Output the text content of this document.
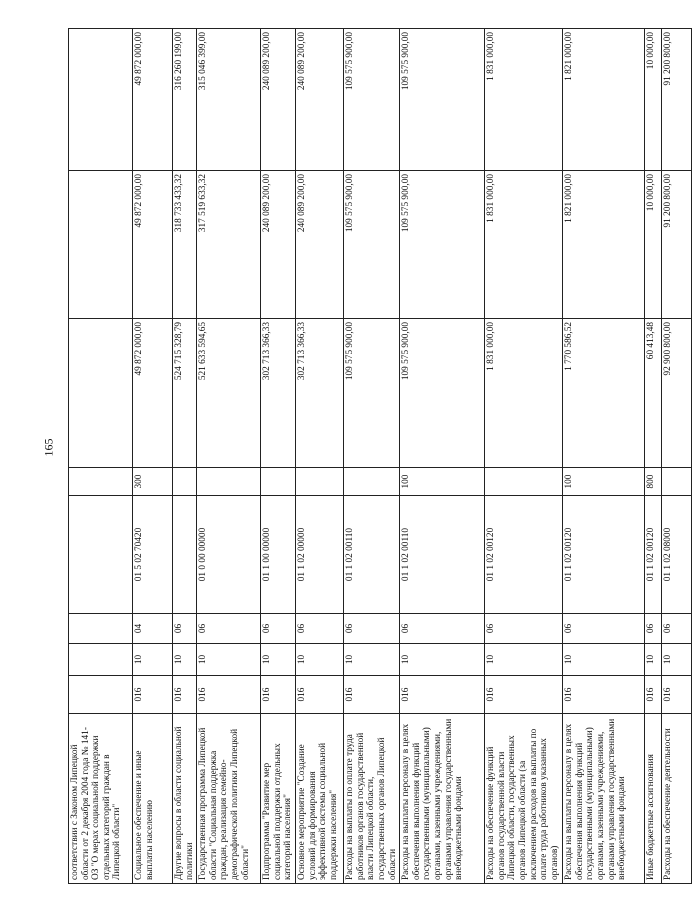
165
соответствии с Законом Липецкой области от 2 декабря 2004 года № 141-ОЗ "О мерах социальной поддержки отдельных категорий граждан в Липецкой области"								
Социальное обеспечение и иные выплаты населению	016	10	04	01 5 02 70420	300	49 872 000,00	49 872 000,00	49 872 000,00
Другие вопросы в области социальной политики	016	10	06			524 715 328,79	318 733 433,32	316 260 199,00
Государственная программа Липецкой области "Социальная поддержка граждан, реализация семейно-демографической политики Липецкой области"	016	10	06	01 0 00 00000		521 633 594,65	317 519 633,32	315 046 399,00
Подпрограмма "Развитие мер социальной поддержки отдельных категорий населения"	016	10	06	01 1 00 00000		302 713 366,33	240 089 200,00	240 089 200,00
Основное мероприятие "Создание условий для формирования эффективной системы социальной поддержки населения"	016	10	06	01 1 02 00000		302 713 366,33	240 089 200,00	240 089 200,00
Расходы на выплаты по оплате труда работников органов государственной власти Липецкой области, государственных органов Липецкой области	016	10	06	01 1 02 00110		109 575 900,00	109 575 900,00	109 575 900,00
Расходы на выплаты персоналу в целях обеспечения выполнения функций государственными (муниципальными) органами, казенными учреждениями, органами управления государственными внебюджетными фондами	016	10	06	01 1 02 00110	100	109 575 900,00	109 575 900,00	109 575 900,00
Расходы на обеспечение функций органов государственной власти Липецкой области, государственных органов Липецкой области (за исключением расходов на выплаты по оплате труда работников указанных органов)	016	10	06	01 1 02 00120		1 831 000,00	1 831 000,00	1 831 000,00
Расходы на выплаты персоналу в целях обеспечения выполнения функций государственными (муниципальными) органами, казенными учреждениями, органами управления государственными внебюджетными фондами	016	10	06	01 1 02 00120	100	1 770 586,52	1 821 000,00	1 821 000,00
Иные бюджетные ассигнования	016	10	06	01 1 02 00120	800	60 413,48	10 000,00	10 000,00
Расходы на обеспечение деятельности	016	10	06	01 1 02 08000		92 900 800,00	91 200 800,00	91 200 800,00
